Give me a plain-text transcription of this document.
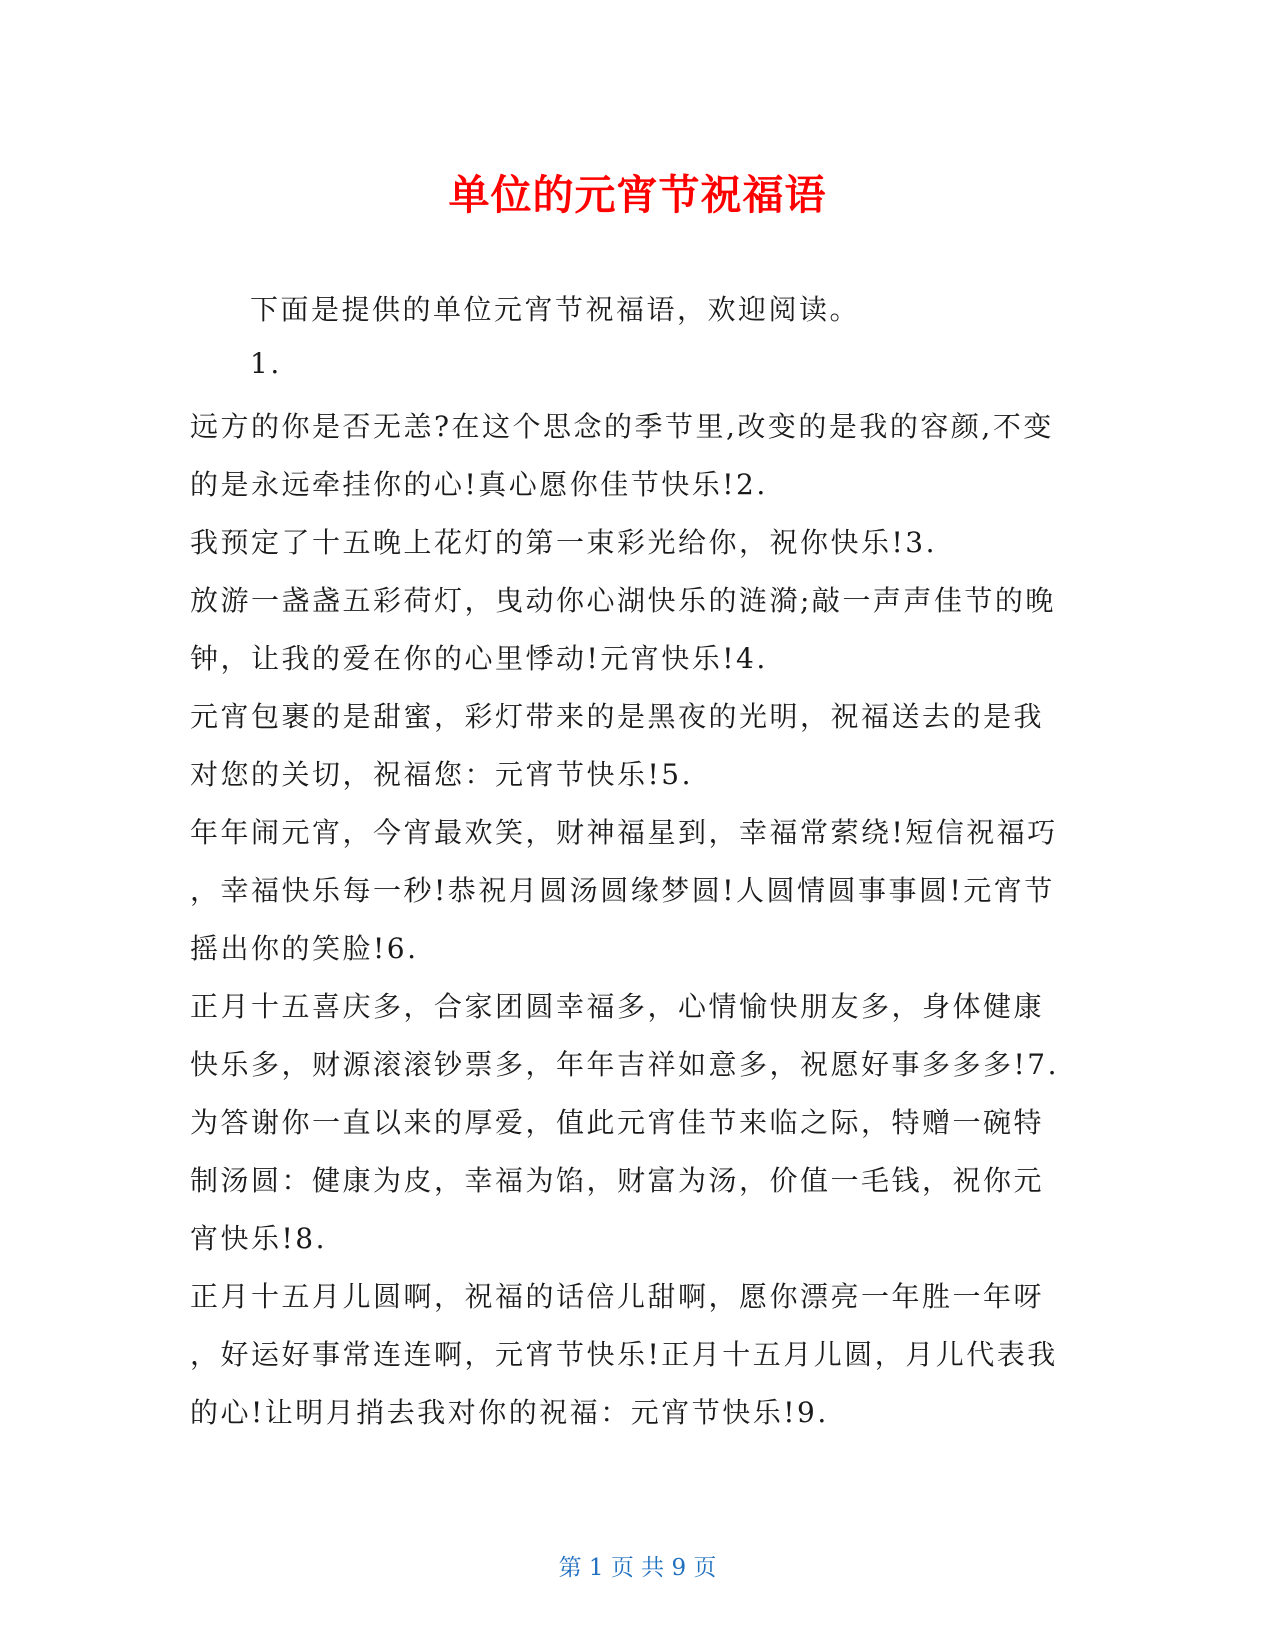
单位的元宵节祝福语
下面是提供的单位元宵节祝福语，欢迎阅读。
1.
远方的你是否无恙?在这个思念的季节里,改变的是我的容颜,不变
的是永远牵挂你的心!真心愿你佳节快乐!2.
我预定了十五晚上花灯的第一束彩光给你，祝你快乐!3.
放游一盏盏五彩荷灯，曳动你心湖快乐的涟漪;敲一声声佳节的晚
钟，让我的爱在你的心里悸动!元宵快乐!4.
元宵包裹的是甜蜜，彩灯带来的是黑夜的光明，祝福送去的是我
对您的关切，祝福您：元宵节快乐!5.
年年闹元宵，今宵最欢笑，财神福星到，幸福常萦绕!短信祝福巧
，幸福快乐每一秒!恭祝月圆汤圆缘梦圆!人圆情圆事事圆!元宵节
摇出你的笑脸!6.
正月十五喜庆多，合家团圆幸福多，心情愉快朋友多，身体健康
快乐多，财源滚滚钞票多，年年吉祥如意多，祝愿好事多多多!7.
为答谢你一直以来的厚爱，值此元宵佳节来临之际，特赠一碗特
制汤圆：健康为皮，幸福为馅，财富为汤，价值一毛钱，祝你元
宵快乐!8.
正月十五月儿圆啊，祝福的话倍儿甜啊，愿你漂亮一年胜一年呀
，好运好事常连连啊，元宵节快乐!正月十五月儿圆，月儿代表我
的心!让明月捎去我对你的祝福：元宵节快乐!9.
第 1 页 共 9 页
